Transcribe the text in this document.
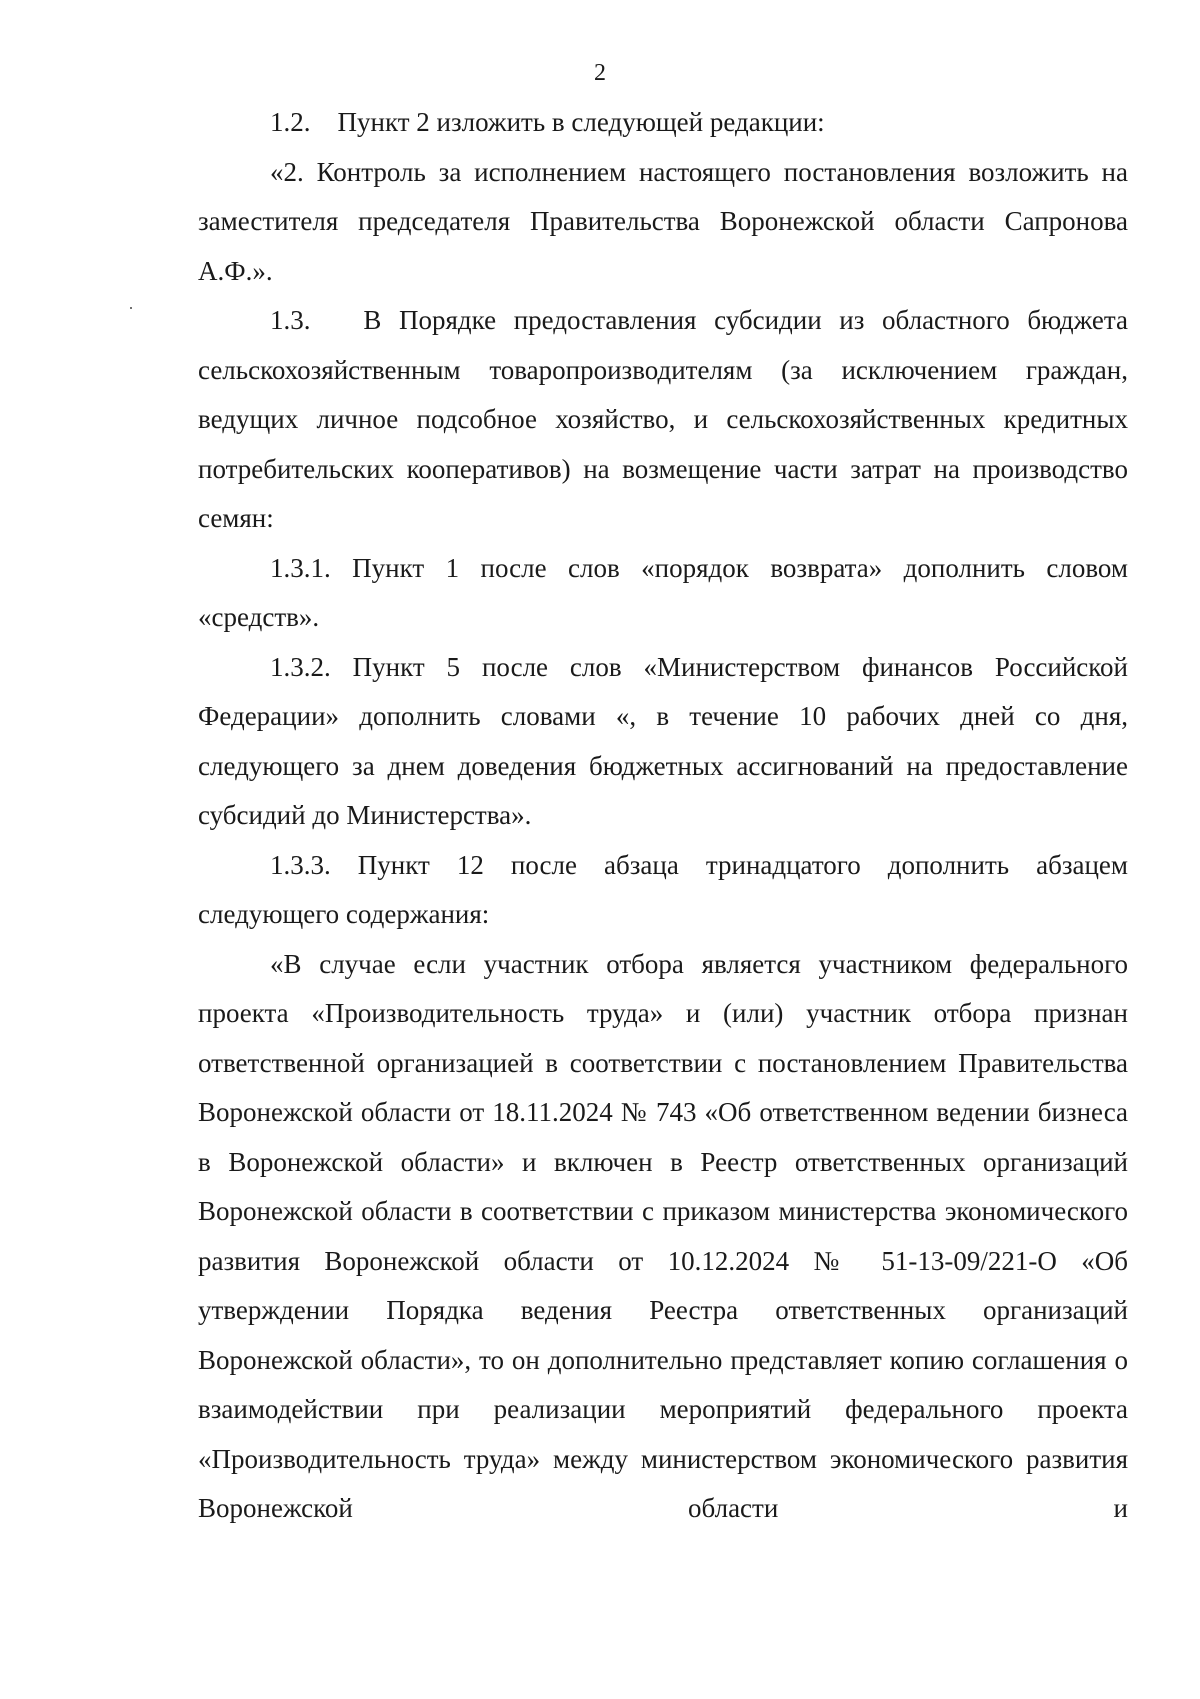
2

1.2.    Пункт 2 изложить в следующей редакции:

«2. Контроль за исполнением настоящего постановления возложить на заместителя председателя Правительства Воронежской области Сапронова А.Ф.».

1.3.   В Порядке предоставления субсидии из областного бюджета сельскохозяйственным товаропроизводителям (за исключением граждан, ведущих личное подсобное хозяйство, и сельскохозяйственных кредитных потребительских кооперативов) на возмещение части затрат на производство семян:

1.3.1. Пункт 1 после слов «порядок возврата» дополнить словом «средств».

1.3.2. Пункт 5 после слов «Министерством финансов Российской Федерации» дополнить словами «, в течение 10 рабочих дней со дня, следующего за днем доведения бюджетных ассигнований на предоставление субсидий до Министерства».

1.3.3. Пункт 12 после абзаца тринадцатого дополнить абзацем следующего содержания:

«В случае если участник отбора является участником федерального проекта «Производительность труда» и (или) участник отбора признан ответственной организацией в соответствии с постановлением Правительства Воронежской области от 18.11.2024 № 743 «Об ответственном ведении бизнеса в Воронежской области» и включен в Реестр ответственных организаций Воронежской области в соответствии с приказом министерства экономического развития Воронежской области от 10.12.2024 № 51-13-09/221-О «Об утверждении Порядка ведения Реестра ответственных организаций Воронежской области», то он дополнительно представляет копию соглашения о взаимодействии при реализации мероприятий федерального проекта «Производительность труда» между министерством экономического развития Воронежской области и
